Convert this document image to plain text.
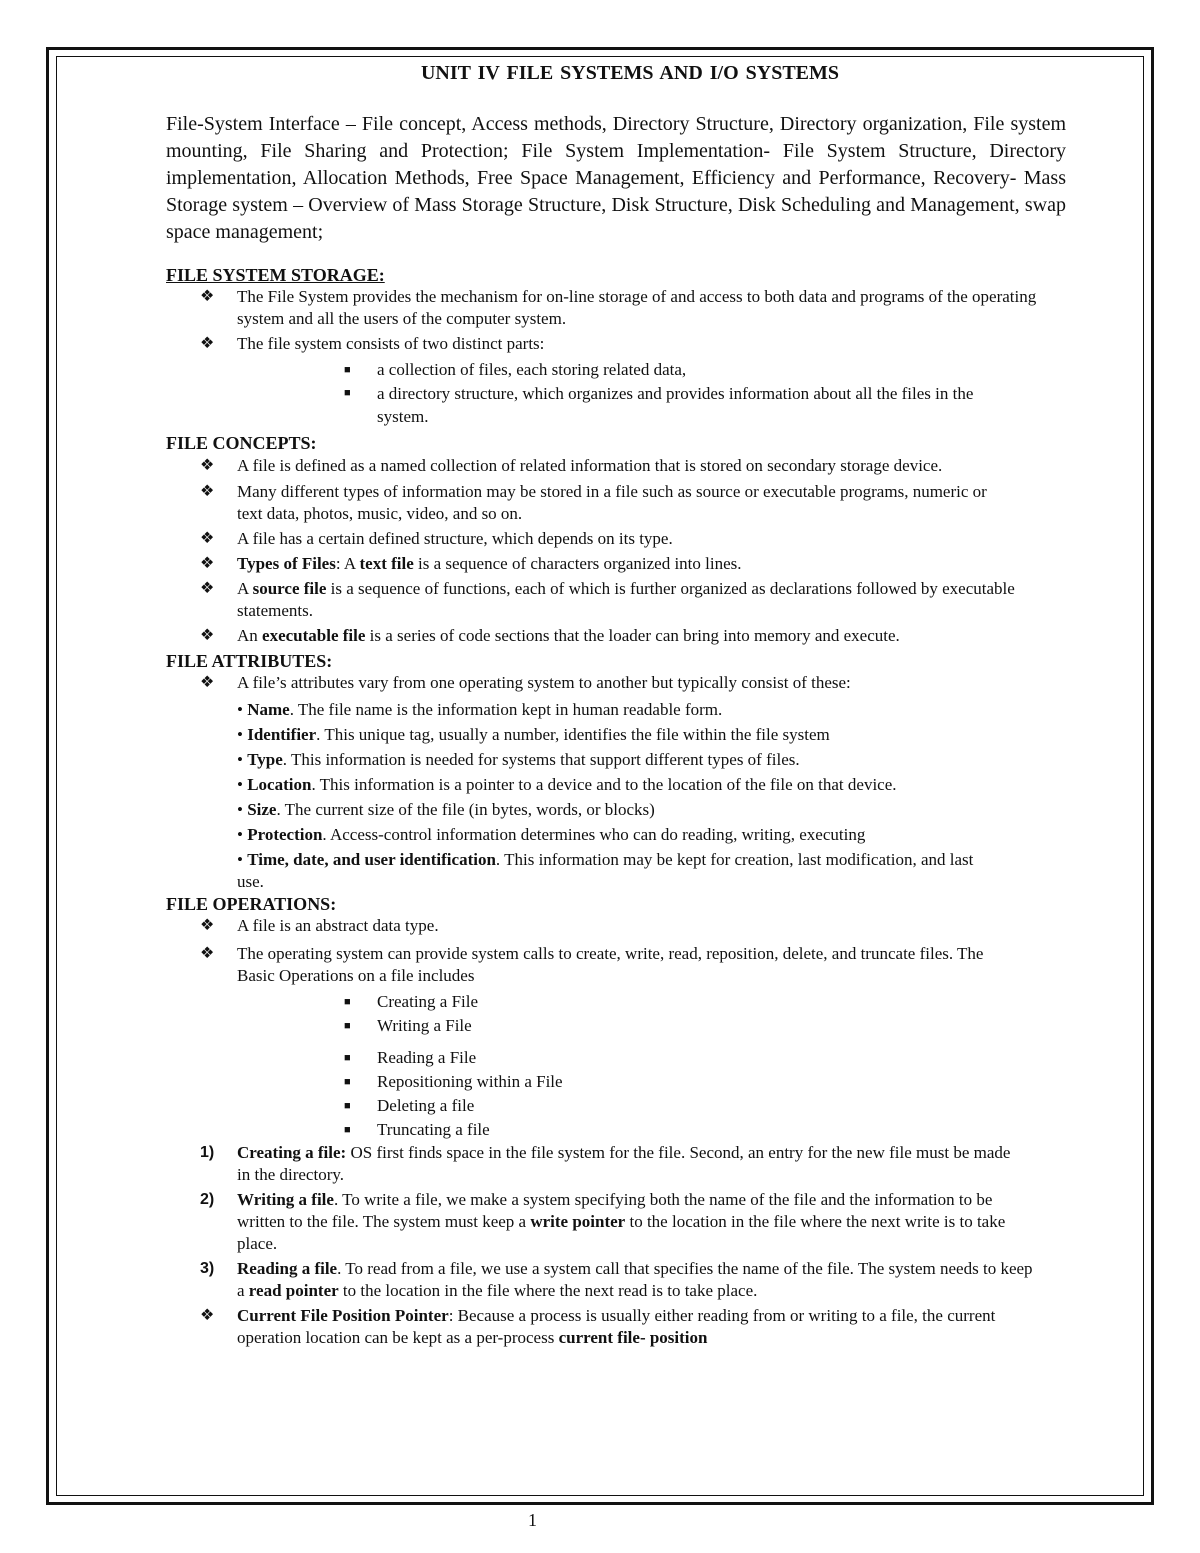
UNIT IV FILE SYSTEMS AND I/O SYSTEMS

File-System Interface – File concept, Access methods, Directory Structure, Directory organization, File system mounting, File Sharing and Protection; File System Implementation- File System Structure, Directory implementation, Allocation Methods, Free Space Management, Efficiency and Performance, Recovery- Mass Storage system – Overview of Mass Storage Structure, Disk Structure, Disk Scheduling and Management, swap space management;

FILE SYSTEM STORAGE:

❖ The File System provides the mechanism for on-line storage of and access to both data and programs of the operating system and all the users of the computer system.

❖ The file system consists of two distinct parts:

■ a collection of files, each storing related data,

■ a directory structure, which organizes and provides information about all the files in the system.

FILE CONCEPTS:

❖ A file is defined as a named collection of related information that is stored on secondary storage device.

❖ Many different types of information may be stored in a file such as source or executable programs, numeric or text data, photos, music, video, and so on.

❖ A file has a certain defined structure, which depends on its type.

❖ Types of Files: A text file is a sequence of characters organized into lines.

❖ A source file is a sequence of functions, each of which is further organized as declarations followed by executable statements.

❖ An executable file is a series of code sections that the loader can bring into memory and execute.

FILE ATTRIBUTES:

❖ A file’s attributes vary from one operating system to another but typically consist of these:

• Name. The file name is the information kept in human readable form.

• Identifier. This unique tag, usually a number, identifies the file within the file system

• Type. This information is needed for systems that support different types of files.

• Location. This information is a pointer to a device and to the location of the file on that device.

• Size. The current size of the file (in bytes, words, or blocks)

• Protection. Access-control information determines who can do reading, writing, executing

• Time, date, and user identification. This information may be kept for creation, last modification, and last use.

FILE OPERATIONS:

❖ A file is an abstract data type.

❖ The operating system can provide system calls to create, write, read, reposition, delete, and truncate files. The Basic Operations on a file includes

■ Creating a File

■ Writing a File

■ Reading a File

■ Repositioning within a File

■ Deleting a file

■ Truncating a file

1) Creating a file: OS first finds space in the file system for the file. Second, an entry for the new file must be made in the directory.

2) Writing a file. To write a file, we make a system specifying both the name of the file and the information to be written to the file. The system must keep a write pointer to the location in the file where the next write is to take place.

3) Reading a file. To read from a file, we use a system call that specifies the name of the file. The system needs to keep a read pointer to the location in the file where the next read is to take place.

❖ Current File Position Pointer: Because a process is usually either reading from or writing to a file, the current operation location can be kept as a per-process current file- position

1
